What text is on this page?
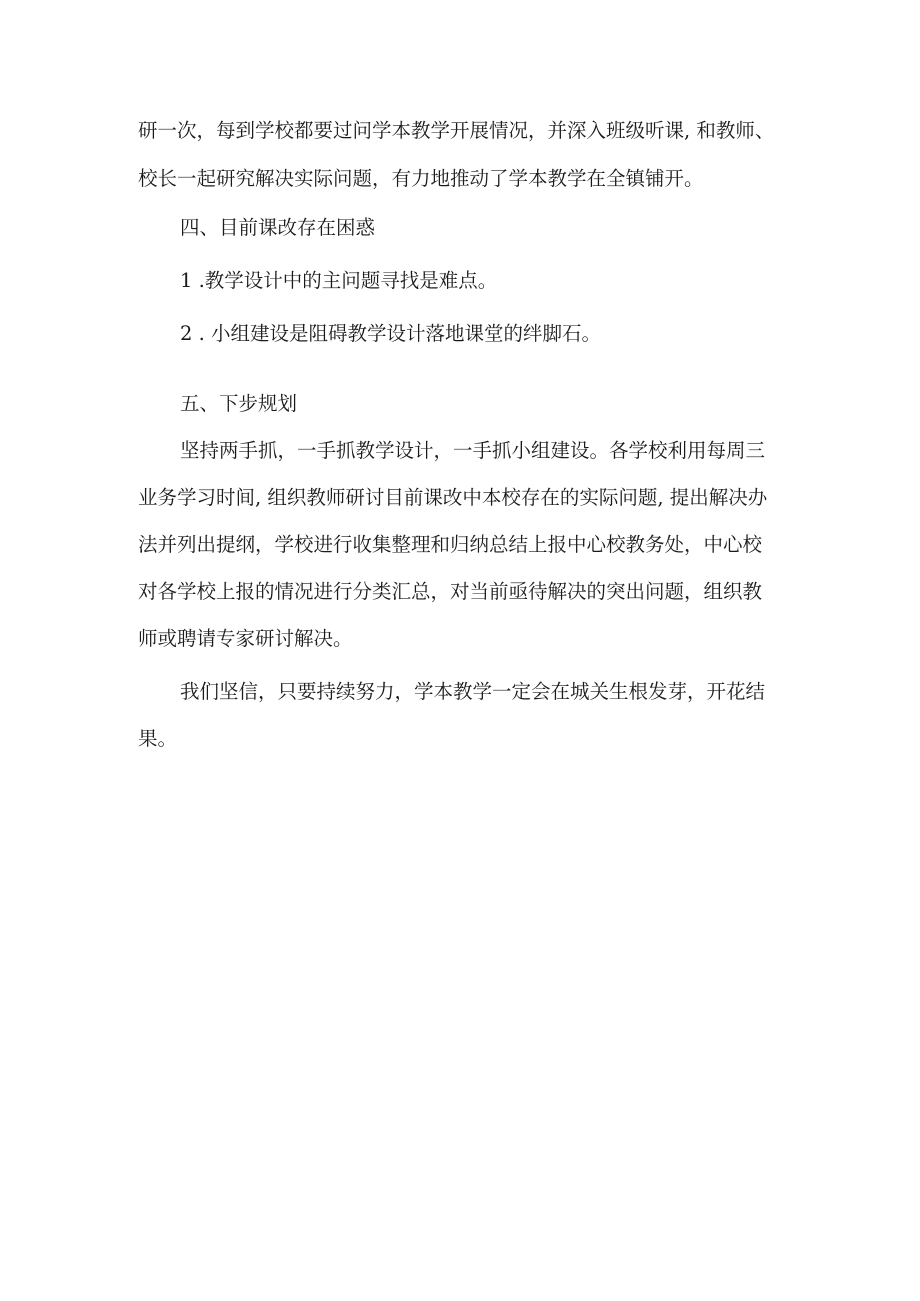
研一次，每到学校都要过问学本教学开展情况，并深入班级听课, 和教师、

校长一起研究解决实际问题，有力地推动了学本教学在全镇铺开。

四、目前课改存在困惑

1 .教学设计中的主问题寻找是难点。

2 . 小组建设是阻碍教学设计落地课堂的绊脚石。

五、下步规划

坚持两手抓，一手抓教学设计，一手抓小组建设。各学校利用每周三

业务学习时间, 组织教师研讨目前课改中本校存在的实际问题, 提出解决办

法并列出提纲，学校进行收集整理和归纳总结上报中心校教务处，中心校

对各学校上报的情况进行分类汇总，对当前亟待解决的突出问题，组织教

师或聘请专家研讨解决。

我们坚信，只要持续努力，学本教学一定会在城关生根发芽，开花结

果。
